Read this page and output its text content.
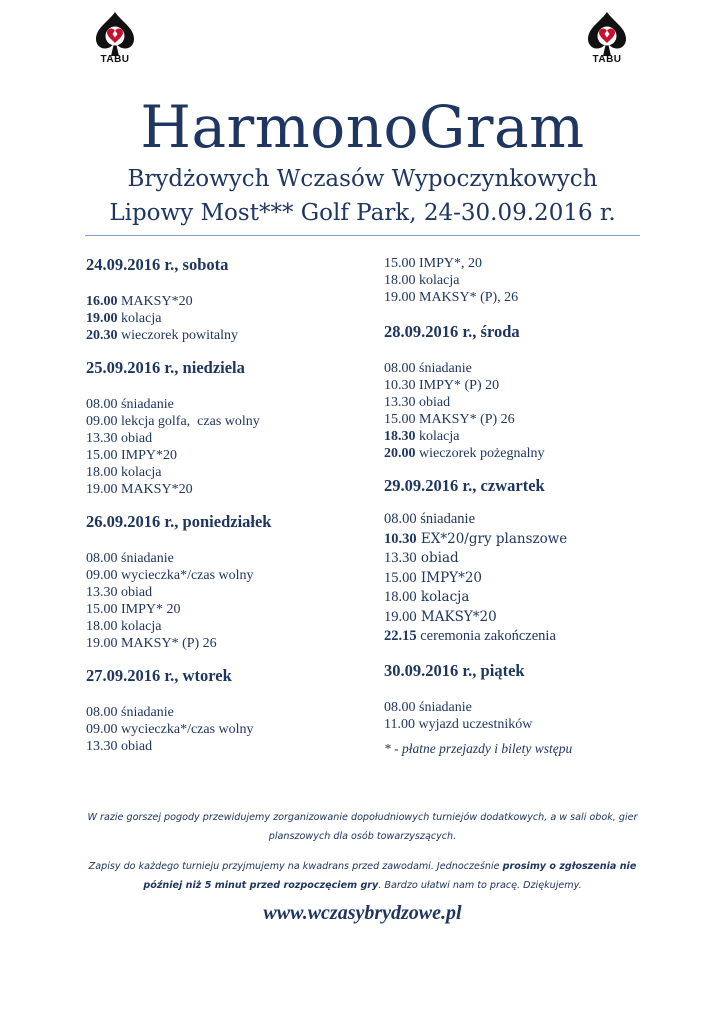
HarmonoGram
Brydżowych Wczasów Wypoczynkowych
Lipowy Most*** Golf Park, 24-30.09.2016 r.
TABU	TABU
24.09.2016 r., sobota
16.00 MAKSY*20
19.00 kolacja
20.30 wieczorek powitalny
25.09.2016 r., niedziela
08.00 śniadanie
09.00 lekcja golfa,  czas wolny
13.30 obiad
15.00 IMPY*20
18.00 kolacja
19.00 MAKSY*20
26.09.2016 r., poniedziałek
08.00 śniadanie
09.00 wycieczka*/czas wolny
13.30 obiad
15.00 IMPY* 20
18.00 kolacja
19.00 MAKSY* (P) 26
27.09.2016 r., wtorek
08.00 śniadanie
09.00 wycieczka*/czas wolny
13.30 obiad
15.00 IMPY*, 20
18.00 kolacja
19.00 MAKSY* (P), 26
28.09.2016 r., środa
08.00 śniadanie
10.30 IMPY* (P) 20
13.30 obiad
15.00 MAKSY* (P) 26
18.30 kolacja
20.00 wieczorek pożegnalny
29.09.2016 r., czwartek
08.00 śniadanie
10.30 EX*20/gry planszowe
13.30 obiad
15.00 IMPY*20
18.00 kolacja
19.00 MAKSY*20
22.15 ceremonia zakończenia
30.09.2016 r., piątek
08.00 śniadanie
11.00 wyjazd uczestników
* - płatne przejazdy i bilety wstępu

W razie gorszej pogody przewidujemy zorganizowanie dopołudniowych turniejów dodatkowych, a w sali obok, gier planszowych dla osób towarzyszących.

Zapisy do każdego turnieju przyjmujemy na kwadrans przed zawodami. Jednocześnie prosimy o zgłoszenia nie później niż 5 minut przed rozpoczęciem gry. Bardzo ułatwi nam to pracę. Dziękujemy.

www.wczasybrydzowe.pl
